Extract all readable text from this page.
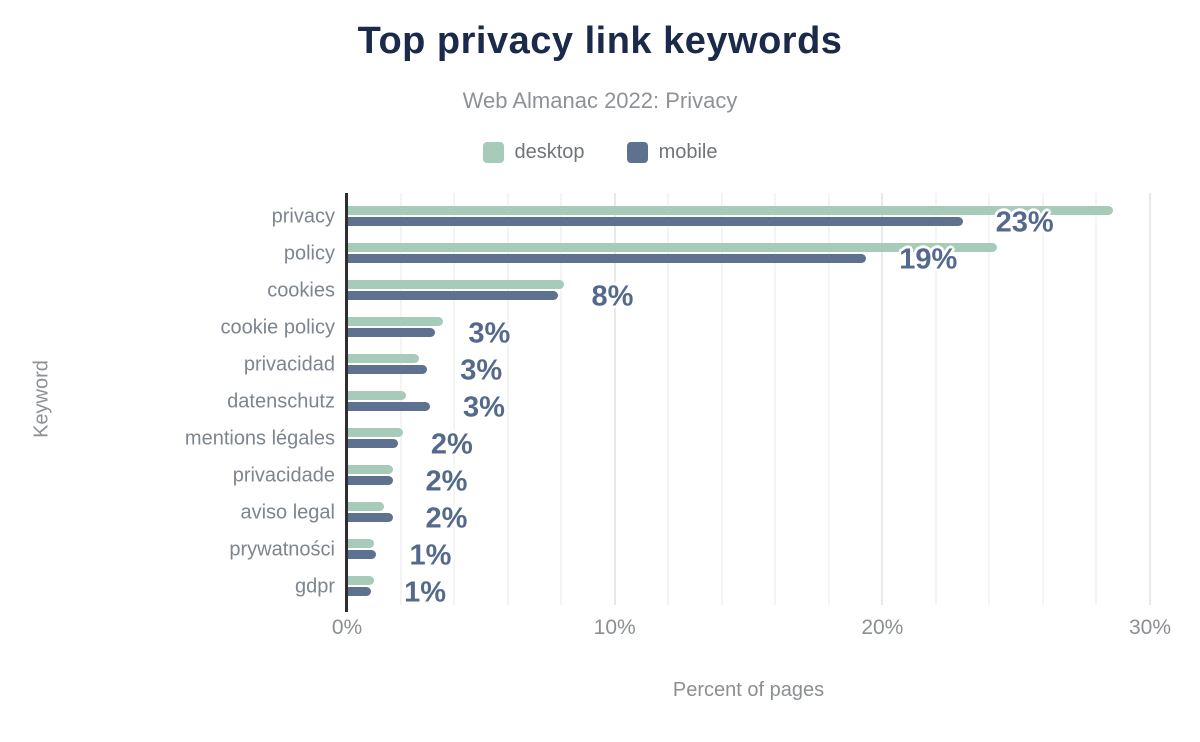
Top privacy link keywords
Web Almanac 2022: Privacy
desktop	mobile
Keyword
privacy	23%
policy	19%
cookies	8%
cookie policy	3%
privacidad	3%
datenschutz	3%
mentions légales	2%
privacidade	2%
aviso legal	2%
prywatności	1%
gdpr 1%
0%	10%	20%	30%
Percent of pages
